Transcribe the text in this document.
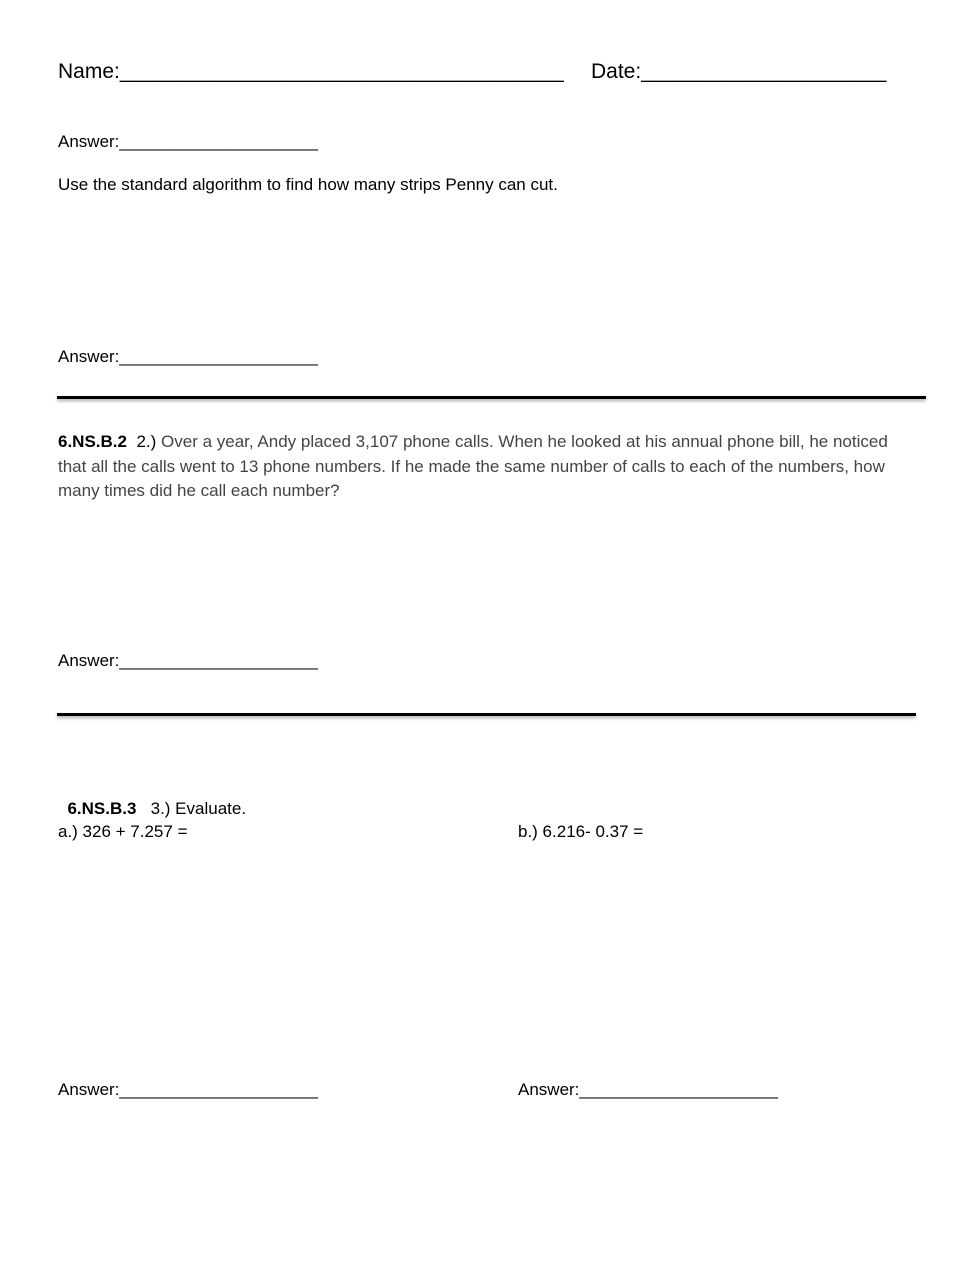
Name:______________________________________ Date:_____________________
Answer:_____________________
Use the standard algorithm to find how many strips Penny can cut.
Answer:_____________________
6.NS.B.2 2.) Over a year, Andy placed 3,107 phone calls. When he looked at his annual phone bill, he noticed that all the calls went to 13 phone numbers. If he made the same number of calls to each of the numbers, how many times did he call each number?
Answer:_____________________

6.NS.B.3 3.) Evaluate.

a.) 326 + 7.257 =	b.) 6.216- 0.37 =
Answer:_____________________	Answer:_____________________
